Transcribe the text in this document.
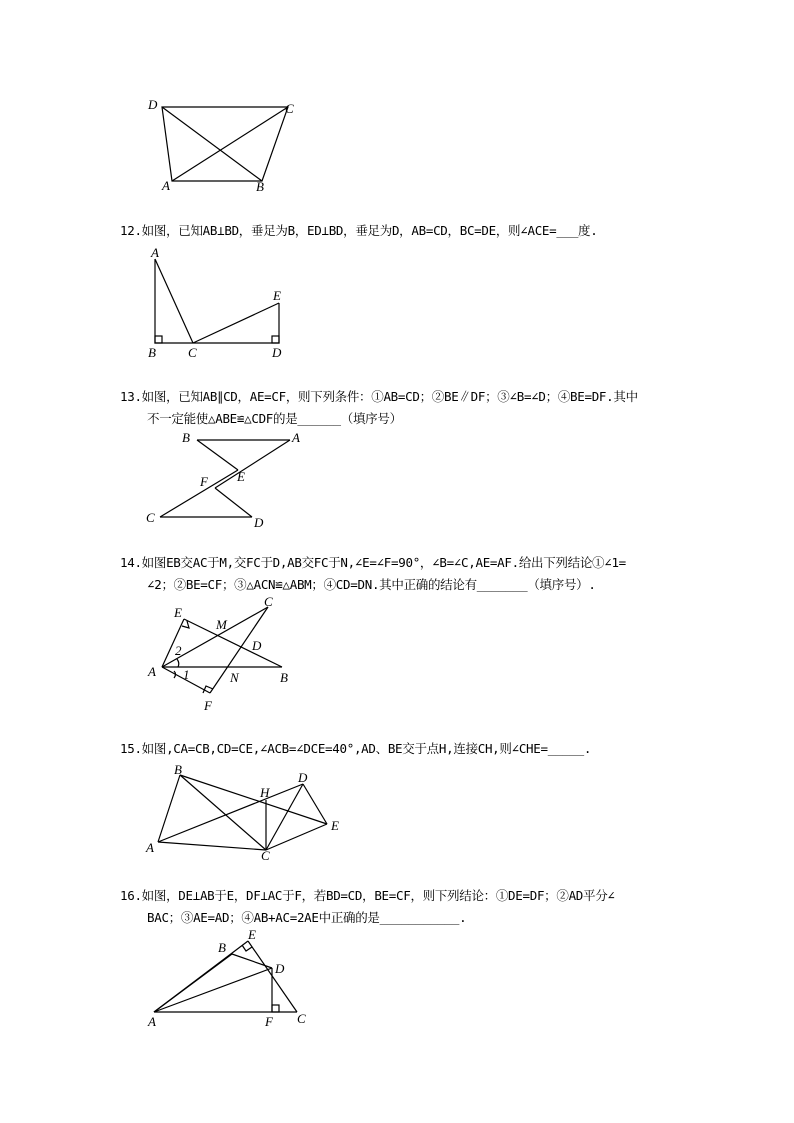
D	C
A	B
12.如图，已知AB⊥BD，垂足为B，ED⊥BD，垂足为D，AB=CD，BC=DE，则∠ACE=___度.
A
E
B C	D
13.如图，已知AB∥CD，AE=CF，则下列条件：①AB=CD；②BE∥DF；③∠B=∠D；④BE=DF.其中
不一定能使△ABE≌△CDF的是______（填序号）
B	A
F E
C	D
14.如图EB交AC于M,交FC于D,AB交FC于N,∠E=∠F=90°，∠B=∠C,AE=AF.给出下列结论①∠1=
∠2；②BE=CF；③△ACN≌△ABM；④CD=DN.其中正确的结论有_______（填序号）.
E
C
M
D
2
A 1	N	B
F
15.如图,CA=CB,CD=CE,∠ACB=∠DCE=40°,AD、BE交于点H,连接CH,则∠CHE=_____.
B
H
D
E
A
C
16.如图，DE⊥AB于E，DF⊥AC于F，若BD=CD，BE=CF，则下列结论：①DE=DF；②AD平分∠
BAC；③AE=AD；④AB+AC=2AE中正确的是___________.
E
B
D
A	F C
